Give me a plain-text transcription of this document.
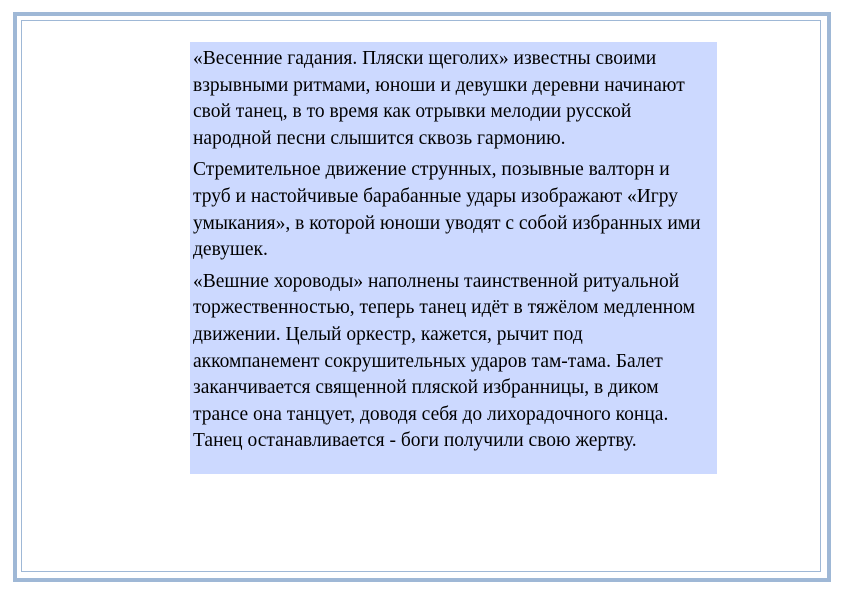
«Весенние гадания. Пляски щеголих» известны своими взрывными ритмами, юноши и девушки деревни начинают свой танец, в то время как отрывки мелодии русской народной песни слышится сквозь гармонию.

Стремительное движение струнных, позывные валторн и труб и настойчивые барабанные удары изображают «Игру умыкания», в которой юноши уводят с собой избранных ими девушек.

«Вешние хороводы» наполнены таинственной ритуальной торжественностью, теперь танец идёт в тяжёлом медленном движении. Целый оркестр, кажется, рычит под аккомпанемент сокрушительных ударов там-тама. Балет заканчивается священной пляской избранницы, в диком трансе она танцует, доводя себя до лихорадочного конца. Танец останавливается - боги получили свою жертву.
